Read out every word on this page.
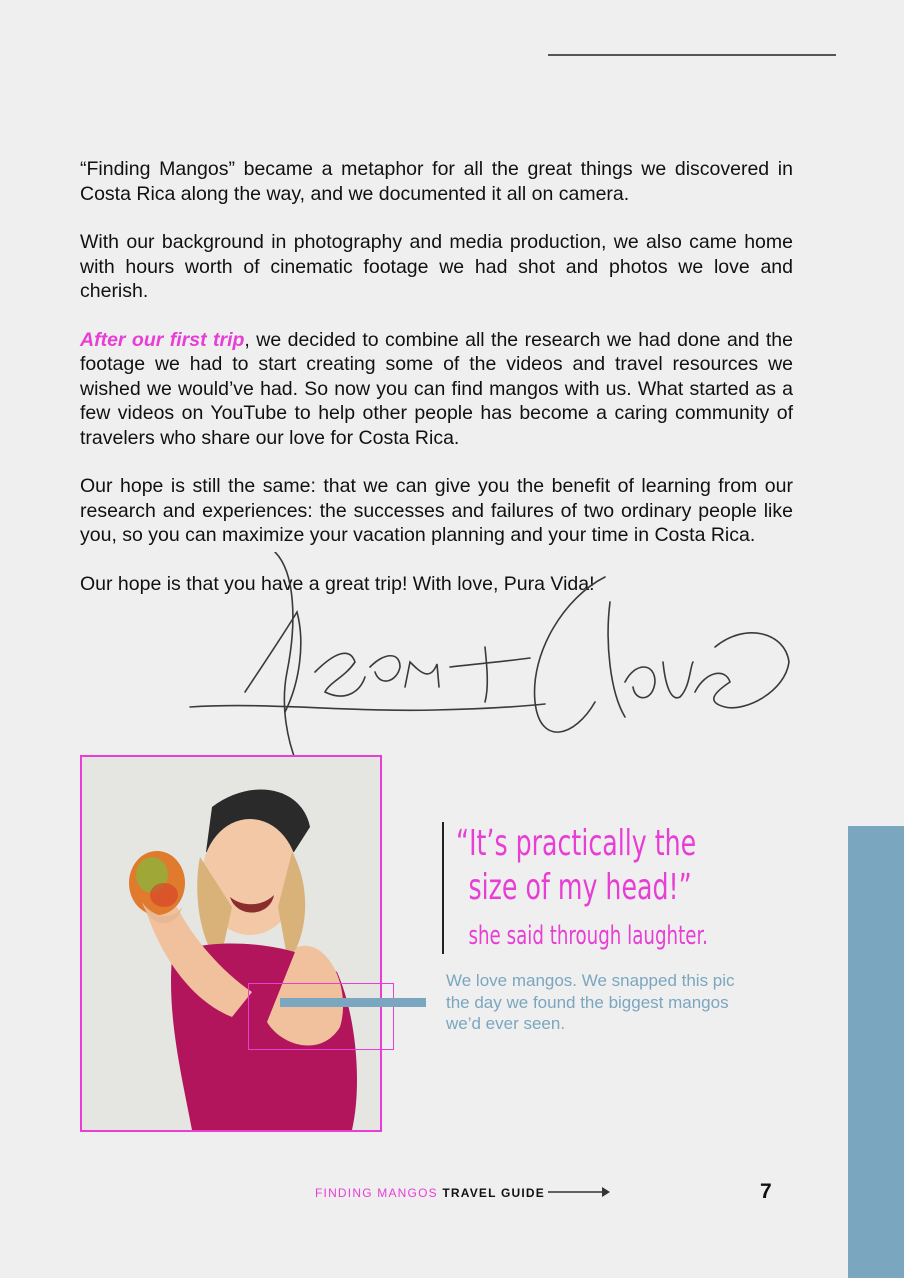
“Finding Mangos” became a metaphor for all the great things we discovered in Costa Rica along the way, and we documented it all on camera.

With our background in photography and media production, we also came home with hours worth of cinematic footage we had shot and photos we love and cherish.

After our first trip, we decided to combine all the research we had done and the footage we had to start creating some of the videos and travel resources we wished we would’ve had. So now you can find mangos with us. What started as a few videos on YouTube to help other people has become a caring community of travelers who share our love for Costa Rica.

Our hope is still the same: that we can give you the benefit of learning from our research and experiences: the successes and failures of two ordinary people like you, so you can maximize your vacation planning and your time in Costa Rica.

Our hope is that you have a great trip! With love, Pura Vida!

“It’s practically the
size of my head!”
she said through laughter.
We love mangos. We snapped this pic the day we found the biggest mangos we’d ever seen.
FINDING MANGOS TRAVEL GUIDE	7
